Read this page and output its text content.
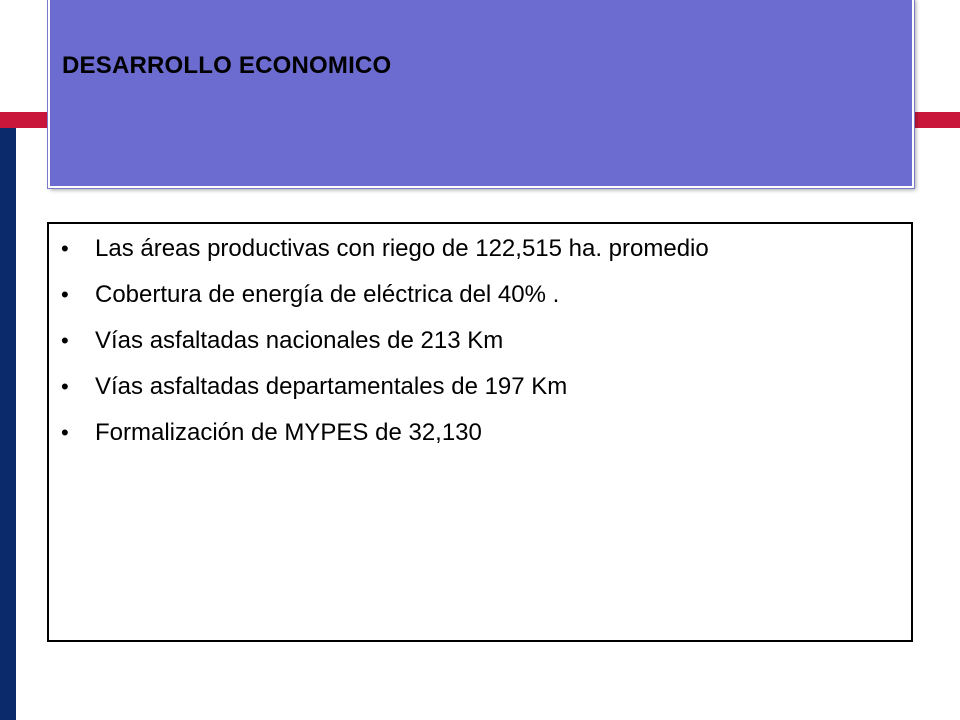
DESARROLLO ECONOMICO
• Las áreas productivas con riego de 122,515 ha. promedio
• Cobertura de energía de eléctrica del 40% .
• Vías asfaltadas nacionales de 213 Km
• Vías asfaltadas departamentales de 197 Km
• Formalización de MYPES de 32,130
